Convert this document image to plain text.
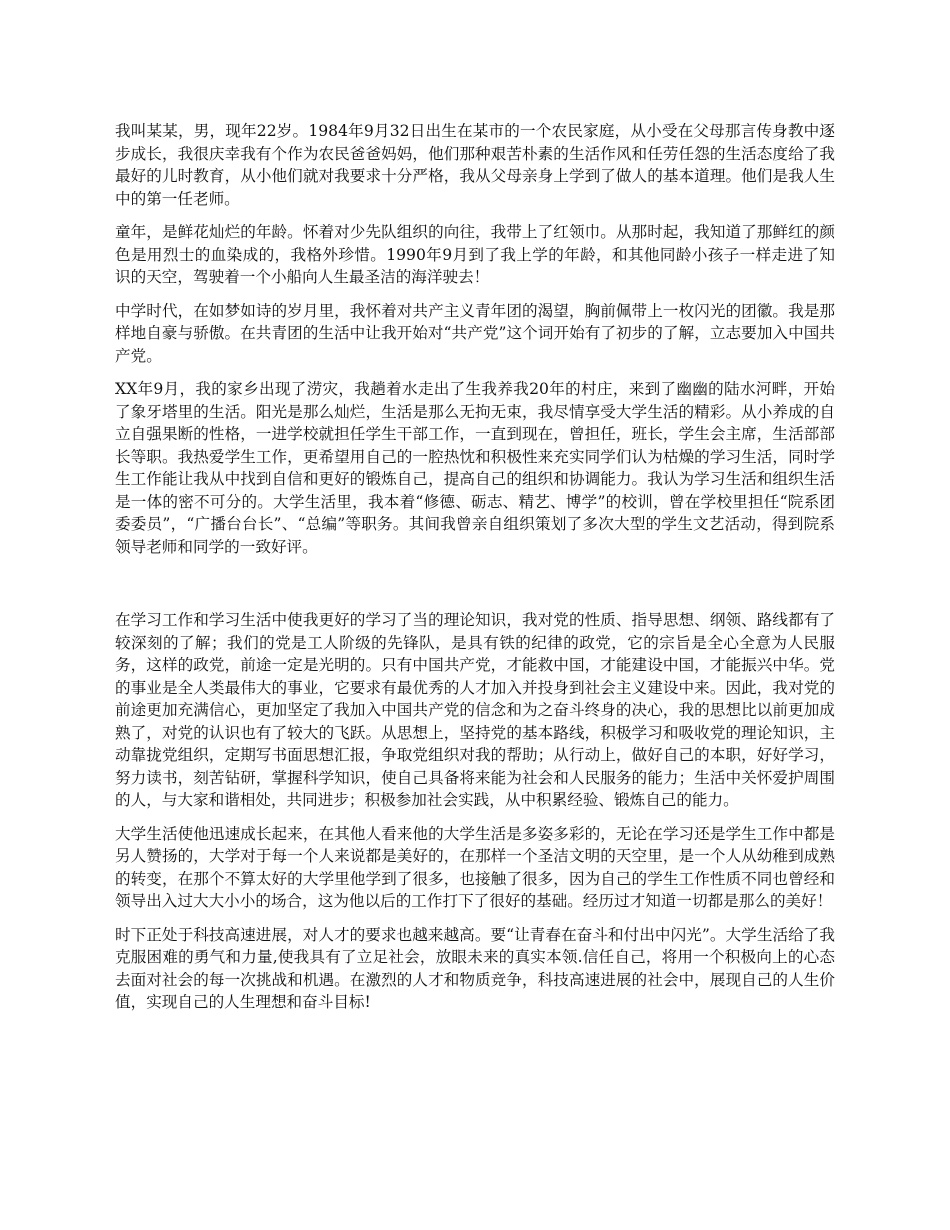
我叫某某，男，现年22岁。1984年9月32日出生在某市的一个农民家庭，从小受在父母那言传身教中逐步成长，我很庆幸我有个作为农民爸爸妈妈，他们那种艰苦朴素的生活作风和任劳任怨的生活态度给了我最好的儿时教育，从小他们就对我要求十分严格，我从父母亲身上学到了做人的基本道理。他们是我人生中的第一任老师。

童年，是鲜花灿烂的年龄。怀着对少先队组织的向往，我带上了红领巾。从那时起，我知道了那鲜红的颜色是用烈士的血染成的，我格外珍惜。1990年9月到了我上学的年龄，和其他同龄小孩子一样走进了知识的天空，驾驶着一个小船向人生最圣洁的海洋驶去！

中学时代，在如梦如诗的岁月里，我怀着对共产主义青年团的渴望，胸前佩带上一枚闪光的团徽。我是那样地自豪与骄傲。在共青团的生活中让我开始对“共产党”这个词开始有了初步的了解，立志要加入中国共产党。

XX年9月，我的家乡出现了涝灾，我趟着水走出了生我养我20年的村庄，来到了幽幽的陆水河畔，开始了象牙塔里的生活。阳光是那么灿烂，生活是那么无拘无束，我尽情享受大学生活的精彩。从小养成的自立自强果断的性格，一进学校就担任学生干部工作，一直到现在，曾担任，班长，学生会主席，生活部部长等职。我热爱学生工作，更希望用自己的一腔热忱和积极性来充实同学们认为枯燥的学习生活，同时学生工作能让我从中找到自信和更好的锻炼自己，提高自己的组织和协调能力。我认为学习生活和组织生活是一体的密不可分的。大学生活里，我本着“修德、砺志、精艺、博学”的校训，曾在学校里担任“院系团委委员”，“广播台台长”、“总编”等职务。其间我曾亲自组织策划了多次大型的学生文艺活动，得到院系领导老师和同学的一致好评。

在学习工作和学习生活中使我更好的学习了当的理论知识，我对党的性质、指导思想、纲领、路线都有了较深刻的了解；我们的党是工人阶级的先锋队，是具有铁的纪律的政党，它的宗旨是全心全意为人民服务，这样的政党，前途一定是光明的。只有中国共产党，才能救中国，才能建设中国，才能振兴中华。党的事业是全人类最伟大的事业，它要求有最优秀的人才加入并投身到社会主义建设中来。因此，我对党的前途更加充满信心，更加坚定了我加入中国共产党的信念和为之奋斗终身的决心，我的思想比以前更加成熟了，对党的认识也有了较大的飞跃。从思想上，坚持党的基本路线，积极学习和吸收党的理论知识，主动靠拢党组织，定期写书面思想汇报，争取党组织对我的帮助；从行动上，做好自己的本职，好好学习，努力读书，刻苦钻研，掌握科学知识，使自己具备将来能为社会和人民服务的能力；生活中关怀爱护周围的人，与大家和谐相处，共同进步；积极参加社会实践，从中积累经验、锻炼自己的能力。

大学生活使他迅速成长起来，在其他人看来他的大学生活是多姿多彩的，无论在学习还是学生工作中都是另人赞扬的，大学对于每一个人来说都是美好的，在那样一个圣洁文明的天空里，是一个人从幼稚到成熟的转变，在那个不算太好的大学里他学到了很多，也接触了很多，因为自己的学生工作性质不同也曾经和领导出入过大大小小的场合，这为他以后的工作打下了很好的基础。经历过才知道一切都是那么的美好！

时下正处于科技高速进展，对人才的要求也越来越高。要“让青春在奋斗和付出中闪光”。大学生活给了我克服困难的勇气和力量,使我具有了立足社会，放眼未来的真实本领.信任自己，将用一个积极向上的心态去面对社会的每一次挑战和机遇。在激烈的人才和物质竞争，科技高速进展的社会中，展现自己的人生价值，实现自己的人生理想和奋斗目标!
